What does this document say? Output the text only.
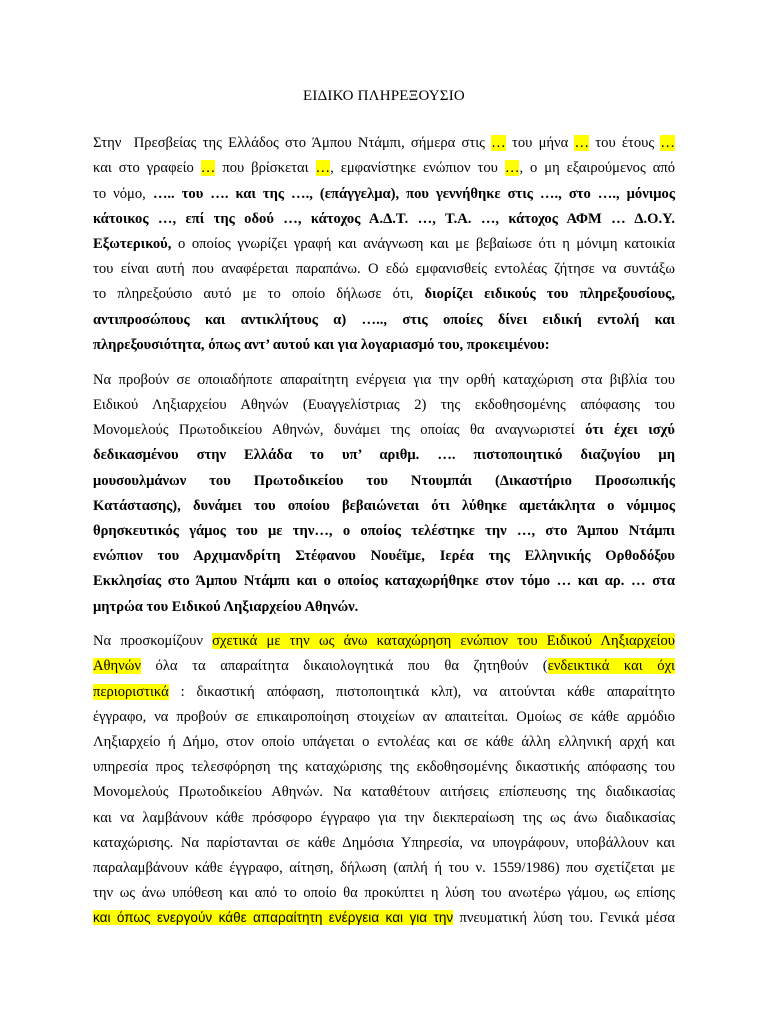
ΕΙΔΙΚΟ ΠΛΗΡΕΞΟΥΣΙΟ
Στην  Πρεσβείας της Ελλάδος στο Άμπου Ντάμπι, σήμερα στις … του μήνα … του έτους …
και στο γραφείο … που βρίσκεται …, εμφανίστηκε ενώπιον του …, ο μη εξαιρούμενος από
το νόμο, ….. του …. και της …., (επάγγελμα), που γεννήθηκε στις …., στο …., μόνιμος
κάτοικος …, επί της οδού …, κάτοχος Α.Δ.Τ. …, Τ.Α. …, κάτοχος ΑΦΜ … Δ.Ο.Υ.
Εξωτερικού, ο οποίος γνωρίζει γραφή και ανάγνωση και με βεβαίωσε ότι η μόνιμη κατοικία
του είναι αυτή που αναφέρεται παραπάνω. Ο εδώ εμφανισθείς εντολέας ζήτησε να συντάξω
το πληρεξούσιο αυτό με το οποίο δήλωσε ότι, διορίζει ειδικούς του πληρεξουσίους,
αντιπροσώπους και αντικλήτους α) ….., στις οποίες δίνει ειδική εντολή και
πληρεξουσιότητα, όπως αντ’ αυτού και για λογαριασμό του, προκειμένου:
Να προβούν σε οποιαδήποτε απαραίτητη ενέργεια για την ορθή καταχώριση στα βιβλία του
Ειδικού Ληξιαρχείου Αθηνών (Ευαγγελίστριας 2) της εκδοθησομένης απόφασης του
Μονομελούς Πρωτοδικείου Αθηνών, δυνάμει της οποίας θα αναγνωριστεί ότι έχει ισχύ
δεδικασμένου στην Ελλάδα το υπ’ αριθμ. …. πιστοποιητικό διαζυγίου μη
μουσουλμάνων του Πρωτοδικείου του Ντουμπάι (Δικαστήριο Προσωπικής
Κατάστασης), δυνάμει του οποίου βεβαιώνεται ότι λύθηκε αμετάκλητα ο νόμιμος
θρησκευτικός γάμος του με την…, ο οποίος τελέστηκε την …, στο Άμπου Ντάμπι
ενώπιον του Αρχιμανδρίτη Στέφανου Νουέϊμε, Ιερέα της Ελληνικής Ορθοδόξου
Εκκλησίας στο Άμπου Ντάμπι και ο οποίος καταχωρήθηκε στον τόμο … και αρ. … στα
μητρώα του Ειδικού Ληξιαρχείου Αθηνών.
Να προσκομίζουν σχετικά με την ως άνω καταχώρηση ενώπιον του Ειδικού Ληξιαρχείου
Αθηνών όλα τα απαραίτητα δικαιολογητικά που θα ζητηθούν (ενδεικτικά και όχι
περιοριστικά : δικαστική απόφαση, πιστοποιητικά κλπ), να αιτούνται κάθε απαραίτητο
έγγραφο, να προβούν σε επικαιροποίηση στοιχείων αν απαιτείται. Ομοίως σε κάθε αρμόδιο
Ληξιαρχείο ή Δήμο, στον οποίο υπάγεται ο εντολέας και σε κάθε άλλη ελληνική αρχή και
υπηρεσία προς τελεσφόρηση της καταχώρισης της εκδοθησομένης δικαστικής απόφασης του
Μονομελούς Πρωτοδικείου Αθηνών. Να καταθέτουν αιτήσεις επίσπευσης της διαδικασίας
και να λαμβάνουν κάθε πρόσφορο έγγραφο για την διεκπεραίωση της ως άνω διαδικασίας
καταχώρισης. Να παρίστανται σε κάθε Δημόσια Υπηρεσία, να υπογράφουν, υποβάλλουν και
παραλαμβάνουν κάθε έγγραφο, αίτηση, δήλωση (απλή ή του ν. 1559/1986) που σχετίζεται με
την ως άνω υπόθεση και από το οποίο θα προκύπτει η λύση του ανωτέρω γάμου, ως επίσης
και όπως ενεργούν κάθε απαραίτητη ενέργεια και για την πνευματική λύση του. Γενικά μέσα
